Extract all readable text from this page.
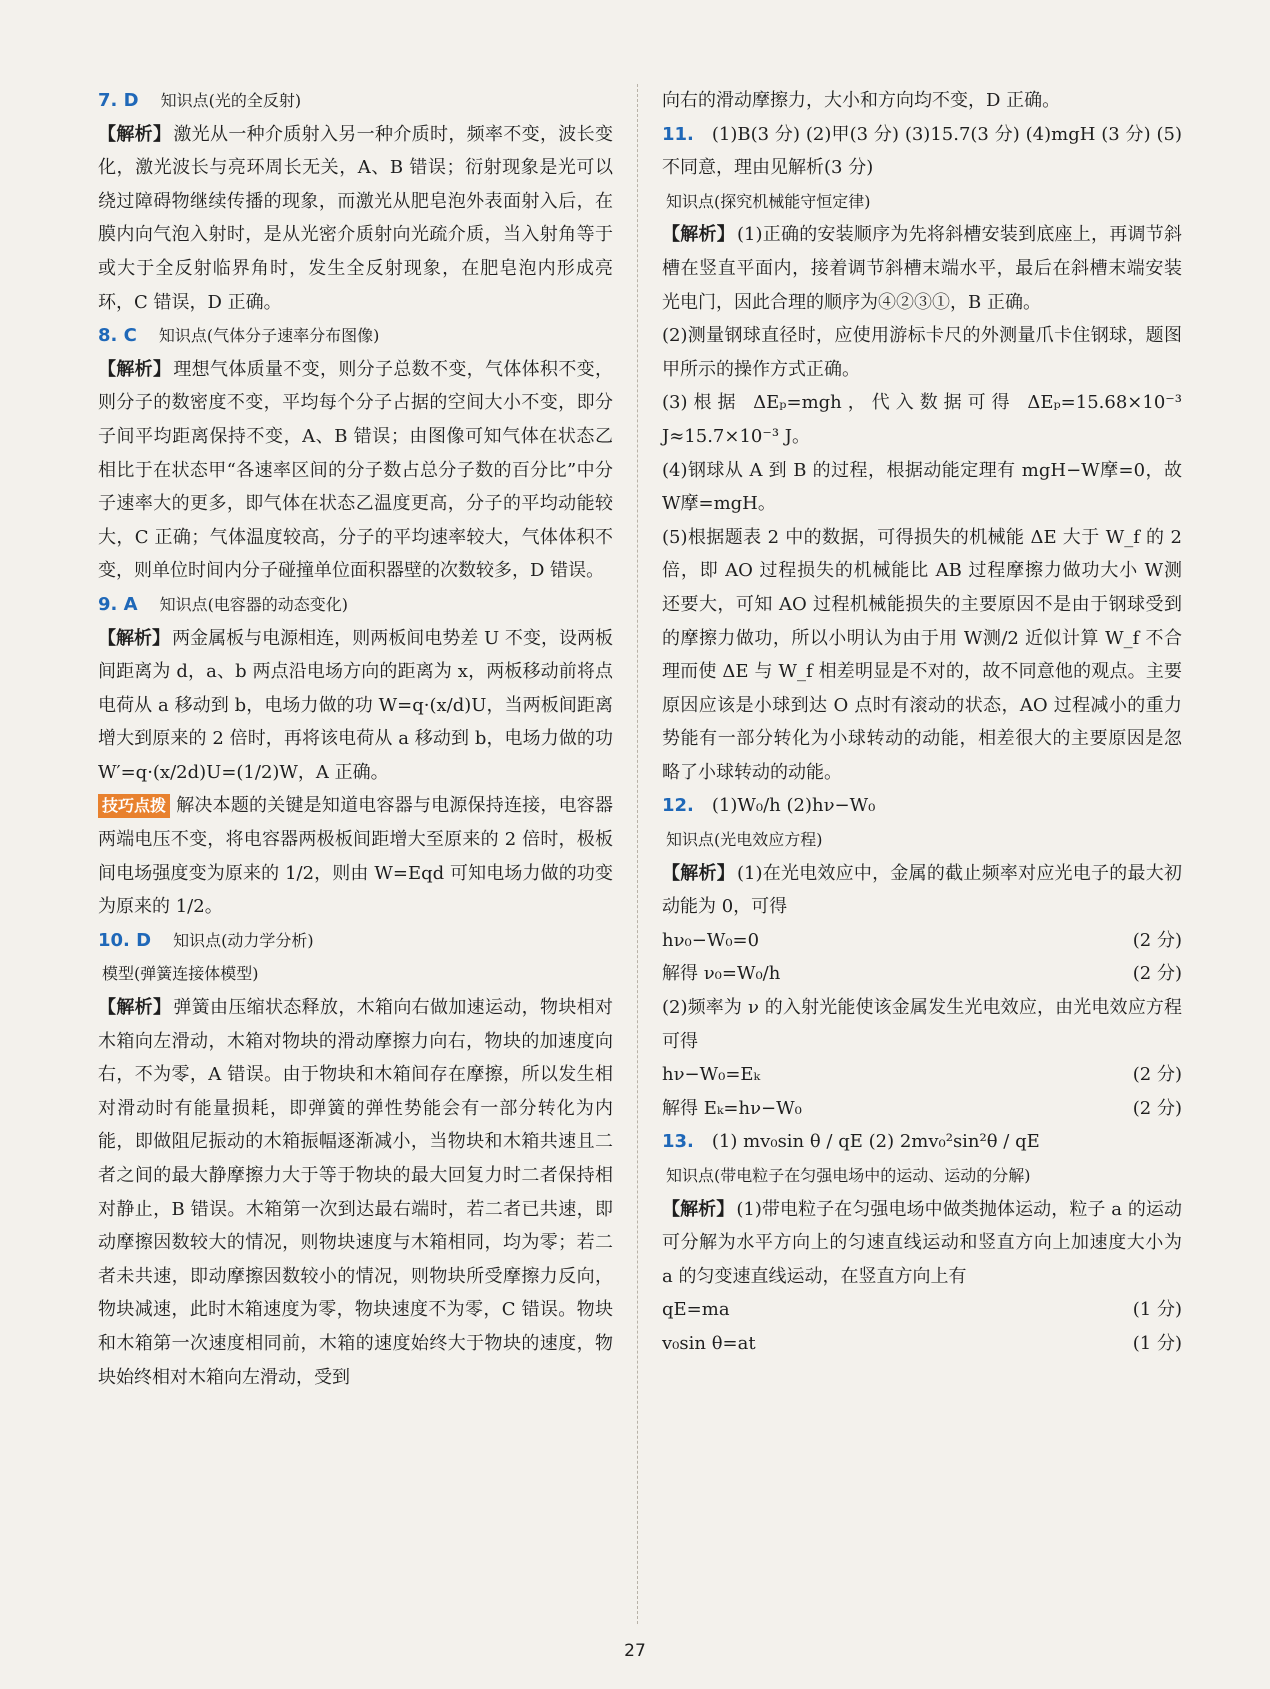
7. D 知识点(光的全反射)

【解析】 激光从一种介质射入另一种介质时，频率不变，波长变化，激光波长与亮环周长无关，A、B 错误；衍射现象是光可以绕过障碍物继续传播的现象，而激光从肥皂泡外表面射入后，在膜内向气泡入射时，是从光密介质射向光疏介质，当入射角等于或大于全反射临界角时，发生全反射现象，在肥皂泡内形成亮环，C 错误，D 正确。

8. C 知识点(气体分子速率分布图像)

【解析】 理想气体质量不变，则分子总数不变，气体体积不变，则分子的数密度不变，平均每个分子占据的空间大小不变，即分子间平均距离保持不变，A、B 错误；由图像可知气体在状态乙相比于在状态甲“各速率区间的分子数占总分子数的百分比”中分子速率大的更多，即气体在状态乙温度更高，分子的平均动能较大，C 正确；气体温度较高，分子的平均速率较大，气体体积不变，则单位时间内分子碰撞单位面积器壁的次数较多，D 错误。

9. A 知识点(电容器的动态变化)

【解析】 两金属板与电源相连，则两板间电势差 U 不变，设两板间距离为 d，a、b 两点沿电场方向的距离为 x，两板移动前将点电荷从 a 移动到 b，电场力做的功 W=q·(x/d)U，当两板间距离增大到原来的 2 倍时，再将该电荷从 a 移动到 b，电场力做的功 W′=q·(x/2d)U=(1/2)W，A 正确。

技巧点拨 解决本题的关键是知道电容器与电源保持连接，电容器两端电压不变，将电容器两极板间距增大至原来的 2 倍时，极板间电场强度变为原来的 1/2，则由 W=Eqd 可知电场力做的功变为原来的 1/2。

10. D 知识点(动力学分析)
模型(弹簧连接体模型)

【解析】 弹簧由压缩状态释放，木箱向右做加速运动，物块相对木箱向左滑动，木箱对物块的滑动摩擦力向右，物块的加速度向右，不为零，A 错误。由于物块和木箱间存在摩擦，所以发生相对滑动时有能量损耗，即弹簧的弹性势能会有一部分转化为内能，即做阻尼振动的木箱振幅逐渐减小，当物块和木箱共速且二者之间的最大静摩擦力大于等于物块的最大回复力时二者保持相对静止，B 错误。木箱第一次到达最右端时，若二者已共速，即动摩擦因数较大的情况，则物块速度与木箱相同，均为零；若二者未共速，即动摩擦因数较小的情况，则物块所受摩擦力反向，物块减速，此时木箱速度为零，物块速度不为零，C 错误。物块和木箱第一次速度相同前，木箱的速度始终大于物块的速度，物块始终相对木箱向左滑动，受到

向右的滑动摩擦力，大小和方向均不变，D 正确。

11. (1)B(3 分) (2)甲(3 分) (3)15.7(3 分) (4)mgH (3 分) (5)不同意，理由见解析(3 分)

知识点(探究机械能守恒定律)

【解析】 (1)正确的安装顺序为先将斜槽安装到底座上，再调节斜槽在竖直平面内，接着调节斜槽末端水平，最后在斜槽末端安装光电门，因此合理的顺序为④②③①，B 正确。

(2)测量钢球直径时，应使用游标卡尺的外测量爪卡住钢球，题图甲所示的操作方式正确。

(3)根据 ΔEₚ=mgh，代入数据可得 ΔEₚ=15.68×10⁻³ J≈15.7×10⁻³ J。

(4)钢球从 A 到 B 的过程，根据动能定理有 mgH−W摩=0，故 W摩=mgH。

(5)根据题表 2 中的数据，可得损失的机械能 ΔE 大于 W_f 的 2 倍，即 AO 过程损失的机械能比 AB 过程摩擦力做功大小 W测 还要大，可知 AO 过程机械能损失的主要原因不是由于钢球受到的摩擦力做功，所以小明认为由于用 W测/2 近似计算 W_f 不合理而使 ΔE 与 W_f 相差明显是不对的，故不同意他的观点。主要原因应该是小球到达 O 点时有滚动的状态，AO 过程减小的重力势能有一部分转化为小球转动的动能，相差很大的主要原因是忽略了小球转动的动能。

12. (1)W₀/h (2)hν−W₀
知识点(光电效应方程)

【解析】 (1)在光电效应中，金属的截止频率对应光电子的最大初动能为 0，可得

hν₀−W₀=0	(2 分)
解得 ν₀=W₀/h	(2 分)

(2)频率为 ν 的入射光能使该金属发生光电效应，由光电效应方程可得

hν−W₀=Eₖ	(2 分)
解得 Eₖ=hν−W₀	(2 分)
13. (1) mv₀sin θ / qE (2) 2mv₀²sin²θ / qE
知识点(带电粒子在匀强电场中的运动、运动的分解)

【解析】 (1)带电粒子在匀强电场中做类抛体运动，粒子 a 的运动可分解为水平方向上的匀速直线运动和竖直方向上加速度大小为 a 的匀变速直线运动，在竖直方向上有

qE=ma	(1 分)
v₀sin θ=at	(1 分)
27
